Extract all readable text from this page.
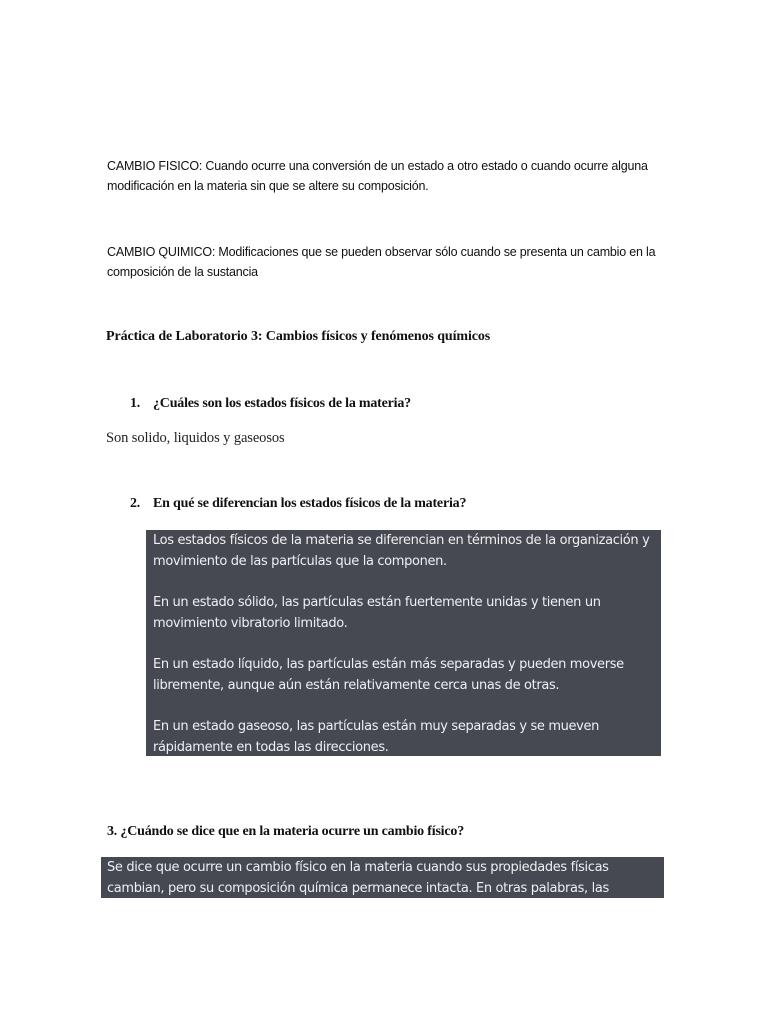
CAMBIO FISICO: Cuando ocurre una conversión de un estado a otro estado o cuando ocurre alguna modificación en la materia sin que se altere su composición.
CAMBIO QUIMICO: Modificaciones que se pueden observar sólo cuando se presenta un cambio en la composición de la sustancia
Práctica de Laboratorio 3: Cambios físicos y fenómenos químicos
1. ¿Cuáles son los estados físicos de la materia?
Son solido, liquidos y gaseosos
2. En qué se diferencian los estados físicos de la materia?

Los estados físicos de la materia se diferencian en términos de la organización y movimiento de las partículas que la componen.

En un estado sólido, las partículas están fuertemente unidas y tienen un movimiento vibratorio limitado.

En un estado líquido, las partículas están más separadas y pueden moverse libremente, aunque aún están relativamente cerca unas de otras.

En un estado gaseoso, las partículas están muy separadas y se mueven rápidamente en todas las direcciones.

3. ¿Cuándo se dice que en la materia ocurre un cambio físico?

Se dice que ocurre un cambio físico en la materia cuando sus propiedades físicas cambian, pero su composición química permanece intacta. En otras palabras, las
